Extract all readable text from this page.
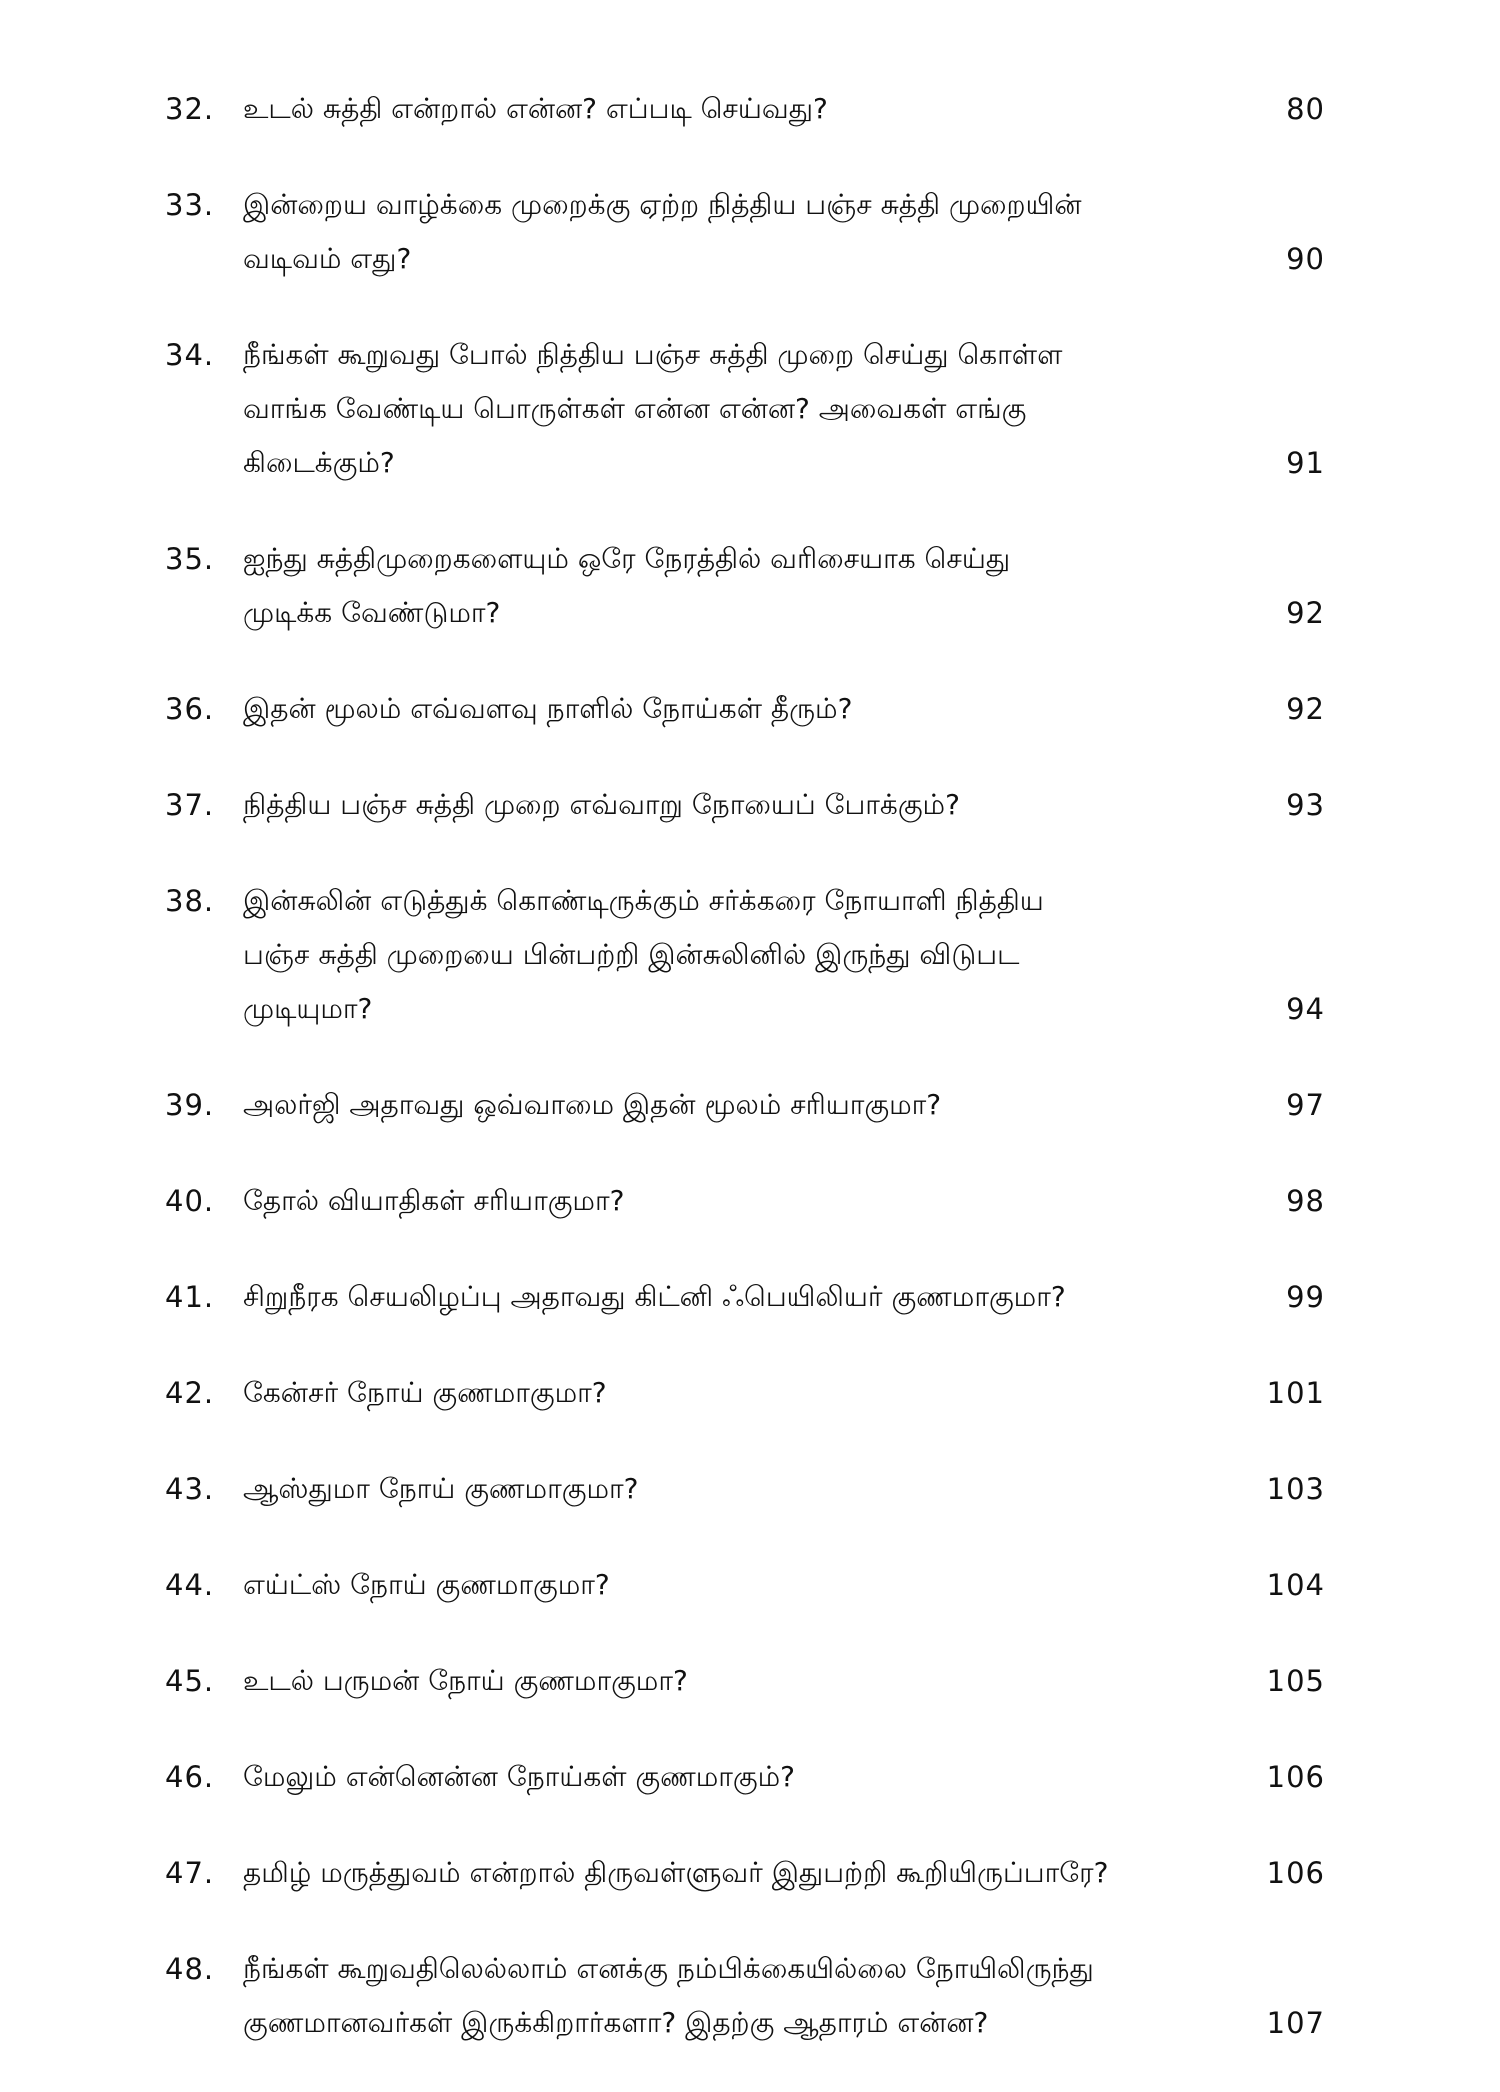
32.	உடல் சுத்தி என்றால் என்ன? எப்படி செய்வது?	80
33.	இன்றைய வாழ்க்கை முறைக்கு ஏற்ற நித்திய பஞ்ச சுத்தி முறையின்
வடிவம் எது?	90
34.	நீங்கள் கூறுவது போல் நித்திய பஞ்ச சுத்தி முறை செய்து கொள்ள
வாங்க வேண்டிய பொருள்கள் என்ன என்ன? அவைகள் எங்கு
கிடைக்கும்?	91
35.	ஐந்து சுத்திமுறைகளையும் ஒரே நேரத்தில் வரிசையாக செய்து
முடிக்க வேண்டுமா?	92
36.	இதன் மூலம் எவ்வளவு நாளில் நோய்கள் தீரும்?	92
37.	நித்திய பஞ்ச சுத்தி முறை எவ்வாறு நோயைப் போக்கும்?	93
38.	இன்சுலின் எடுத்துக் கொண்டிருக்கும் சர்க்கரை நோயாளி நித்திய
பஞ்ச சுத்தி முறையை பின்பற்றி இன்சுலினில் இருந்து விடுபட
முடியுமா?	94
39.	அலர்ஜி அதாவது ஒவ்வாமை இதன் மூலம் சரியாகுமா?	97
40.	தோல் வியாதிகள் சரியாகுமா?	98
41.	சிறுநீரக செயலிழப்பு அதாவது கிட்னி ஃபெயிலியர் குணமாகுமா?	99
42.	கேன்சர் நோய் குணமாகுமா?	101
43.	ஆஸ்துமா நோய் குணமாகுமா?	103
44.	எய்ட்ஸ் நோய் குணமாகுமா?	104
45.	உடல் பருமன் நோய் குணமாகுமா?	105
46.	மேலும் என்னென்ன நோய்கள் குணமாகும்?	106
47.	தமிழ் மருத்துவம் என்றால் திருவள்ளுவர் இதுபற்றி கூறியிருப்பாரே?	106
48.	நீங்கள் கூறுவதிலெல்லாம் எனக்கு நம்பிக்கையில்லை நோயிலிருந்து
குணமானவர்கள் இருக்கிறார்களா? இதற்கு ஆதாரம் என்ன?	107
